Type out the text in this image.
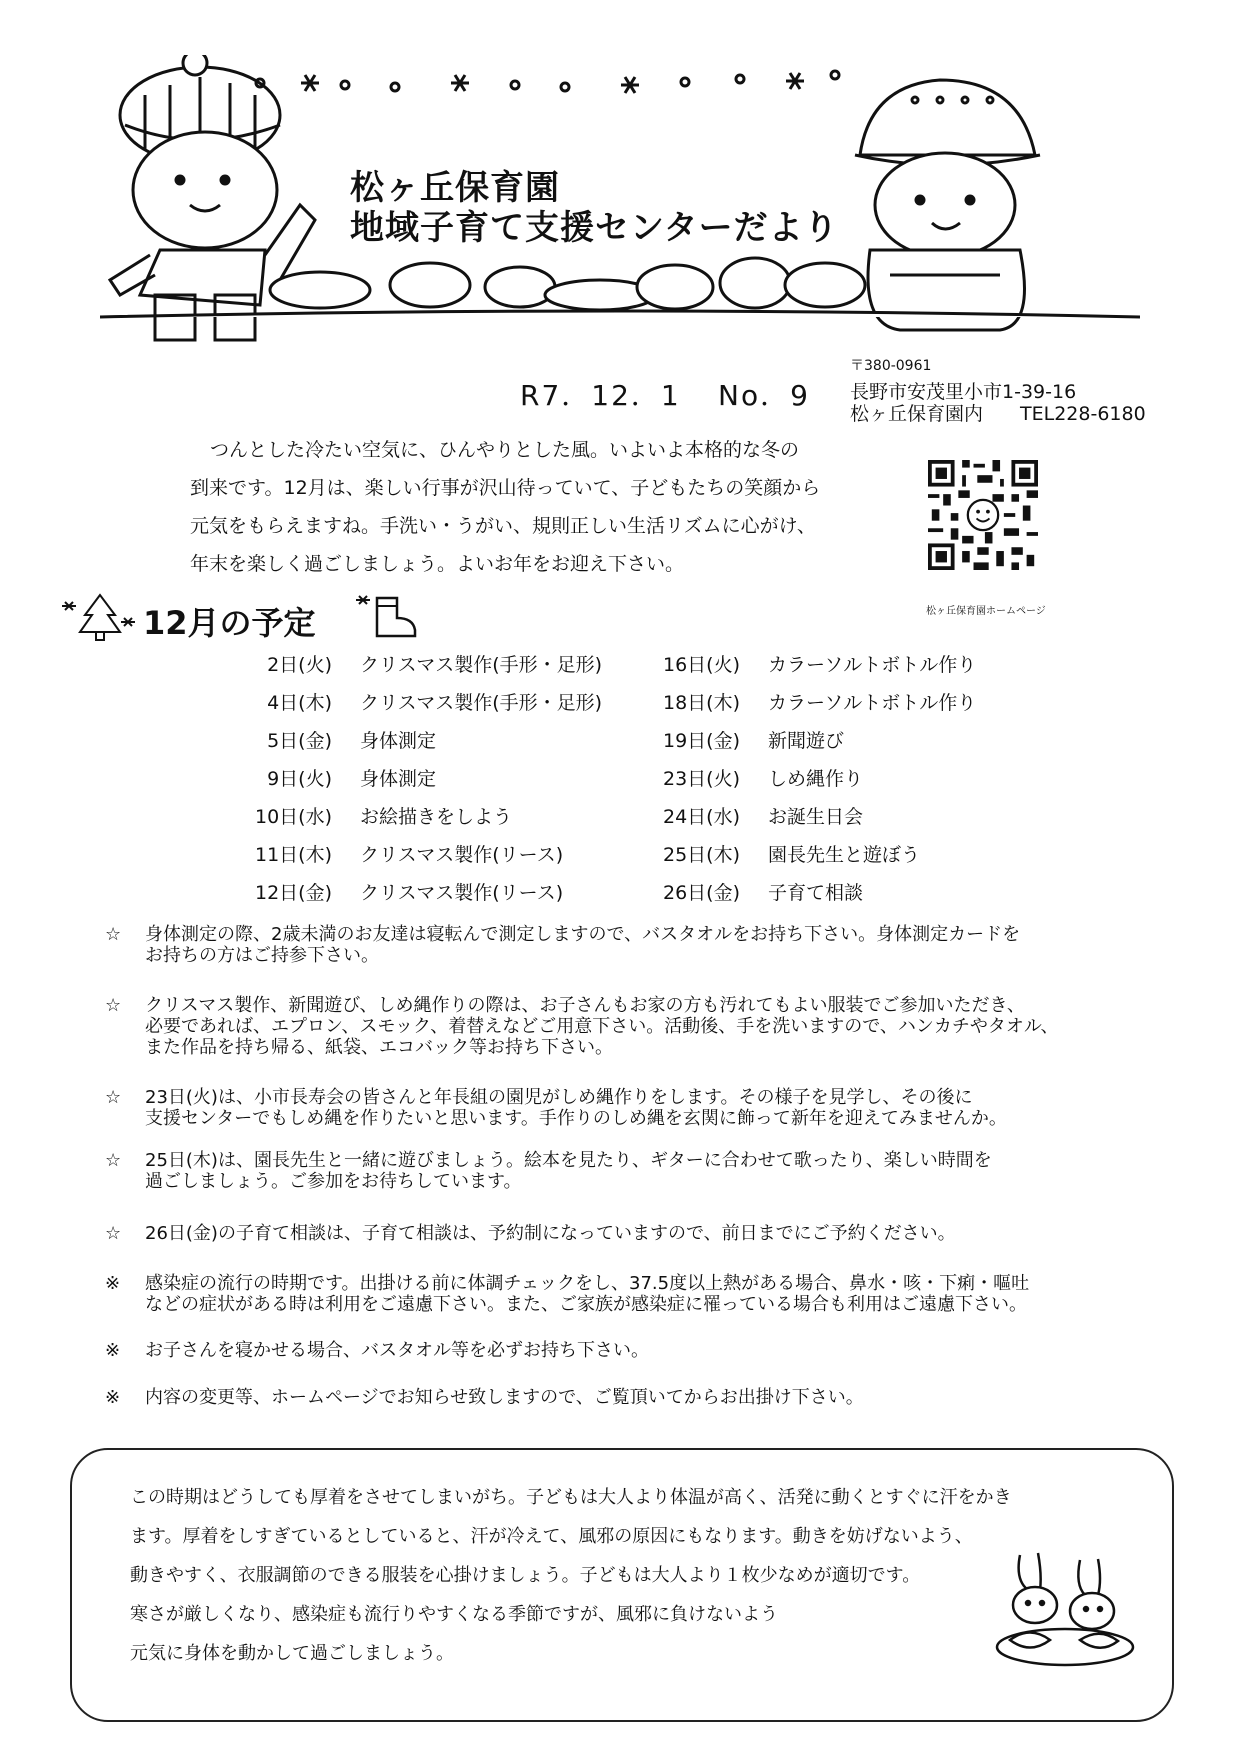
松ヶ丘保育園
地域子育て支援センターだより
R7．12．1 No．9
〒380-0961
長野市安茂里小市1-39-16
松ヶ丘保育園内 TEL228-6180

つんとした冷たい空気に、ひんやりとした風。いよいよ本格的な冬の

到来です。12月は、楽しい行事が沢山待っていて、子どもたちの笑顔から

元気をもらえますね。手洗い・うがい、規則正しい生活リズムに心がけ、

年末を楽しく過ごしましょう。よいお年をお迎え下さい。

松ヶ丘保育園ホームページ
12月の予定
2日(火) クリスマス製作(手形・足形)
4日(木) クリスマス製作(手形・足形)
5日(金) 身体測定
9日(火) 身体測定
10日(水) お絵描きをしよう
11日(木) クリスマス製作(リース)
12日(金) クリスマス製作(リース)
16日(火) カラーソルトボトル作り
18日(木) カラーソルトボトル作り
19日(金) 新聞遊び
23日(火) しめ縄作り
24日(水) お誕生日会
25日(木) 園長先生と遊ぼう
26日(金) 子育て相談
☆ 身体測定の際、2歳未満のお友達は寝転んで測定しますので、バスタオルをお持ち下さい。身体測定カードを
お持ちの方はご持参下さい。
☆ クリスマス製作、新聞遊び、しめ縄作りの際は、お子さんもお家の方も汚れてもよい服装でご参加いただき、
必要であれば、エプロン、スモック、着替えなどご用意下さい。活動後、手を洗いますので、ハンカチやタオル、
また作品を持ち帰る、紙袋、エコバック等お持ち下さい。
☆ 23日(火)は、小市長寿会の皆さんと年長組の園児がしめ縄作りをします。その様子を見学し、その後に
支援センターでもしめ縄を作りたいと思います。手作りのしめ縄を玄関に飾って新年を迎えてみませんか。
☆ 25日(木)は、園長先生と一緒に遊びましょう。絵本を見たり、ギターに合わせて歌ったり、楽しい時間を
過ごしましょう。ご参加をお待ちしています。
☆ 26日(金)の子育て相談は、子育て相談は、予約制になっていますので、前日までにご予約ください。
※ 感染症の流行の時期です。出掛ける前に体調チェックをし、37.5度以上熱がある場合、鼻水・咳・下痢・嘔吐
などの症状がある時は利用をご遠慮下さい。また、ご家族が感染症に罹っている場合も利用はご遠慮下さい。
※ お子さんを寝かせる場合、バスタオル等を必ずお持ち下さい。
※ 内容の変更等、ホームページでお知らせ致しますので、ご覧頂いてからお出掛け下さい。
この時期はどうしても厚着をさせてしまいがち。子どもは大人より体温が高く、活発に動くとすぐに汗をかき
ます。厚着をしすぎているとしていると、汗が冷えて、風邪の原因にもなります。動きを妨げないよう、
動きやすく、衣服調節のできる服装を心掛けましょう。子どもは大人より１枚少なめが適切です。
寒さが厳しくなり、感染症も流行りやすくなる季節ですが、風邪に負けないよう
元気に身体を動かして過ごしましょう。
